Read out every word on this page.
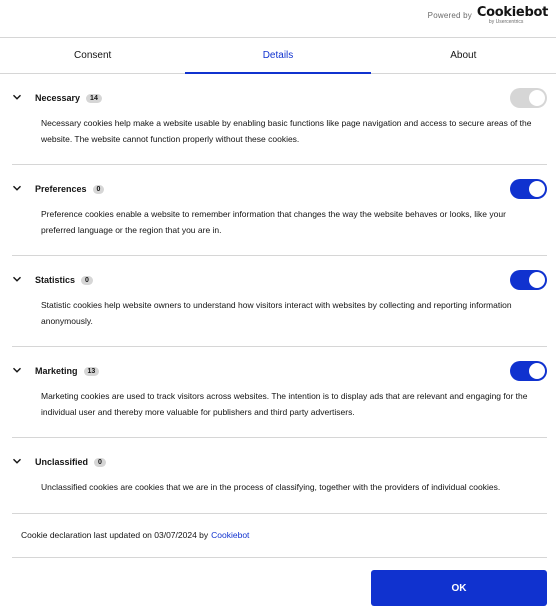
Powered by Cookiebot
by Usercentrics
Consent	Details	About
Necessary	14

Necessary cookies help make a website usable by enabling basic functions like page navigation and access to secure areas of the website. The website cannot function properly without these cookies.

Preferences	0

Preference cookies enable a website to remember information that changes the way the website behaves or looks, like your preferred language or the region that you are in.

Statistics	0

Statistic cookies help website owners to understand how visitors interact with websites by collecting and reporting information anonymously.

Marketing	13

Marketing cookies are used to track visitors across websites. The intention is to display ads that are relevant and engaging for the individual user and thereby more valuable for publishers and third party advertisers.

Unclassified	0

Unclassified cookies are cookies that we are in the process of classifying, together with the providers of individual cookies.

Cookie declaration last updated on 03/07/2024 by Cookiebot
OK
